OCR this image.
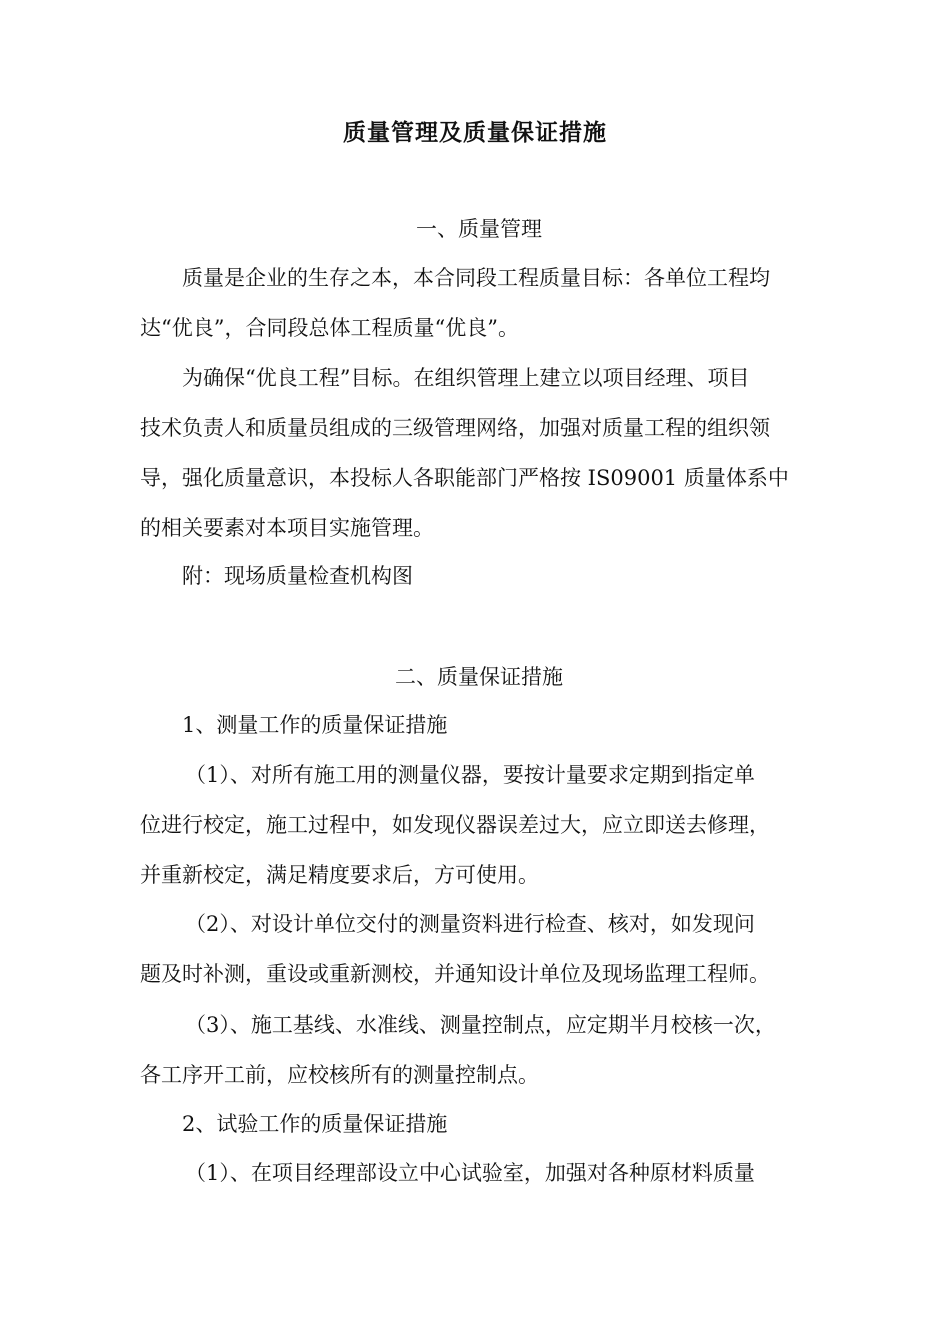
质量管理及质量保证措施
一、质量管理
质量是企业的生存之本，本合同段工程质量目标：各单位工程均
达“优良”，合同段总体工程质量“优良”。
为确保“优良工程”目标。在组织管理上建立以项目经理、项目
技术负责人和质量员组成的三级管理网络，加强对质量工程的组织领
导，强化质量意识，本投标人各职能部门严格按 IS09001 质量体系中
的相关要素对本项目实施管理。
附：现场质量检查机构图
二、质量保证措施
1、测量工作的质量保证措施
（1）、对所有施工用的测量仪器，要按计量要求定期到指定单
位进行校定，施工过程中，如发现仪器误差过大，应立即送去修理，
并重新校定，满足精度要求后，方可使用。
（2）、对设计单位交付的测量资料进行检查、核对，如发现问
题及时补测，重设或重新测校，并通知设计单位及现场监理工程师。
（3）、施工基线、水准线、测量控制点，应定期半月校核一次，
各工序开工前，应校核所有的测量控制点。
2、试验工作的质量保证措施
（1）、在项目经理部设立中心试验室，加强对各种原材料质量
